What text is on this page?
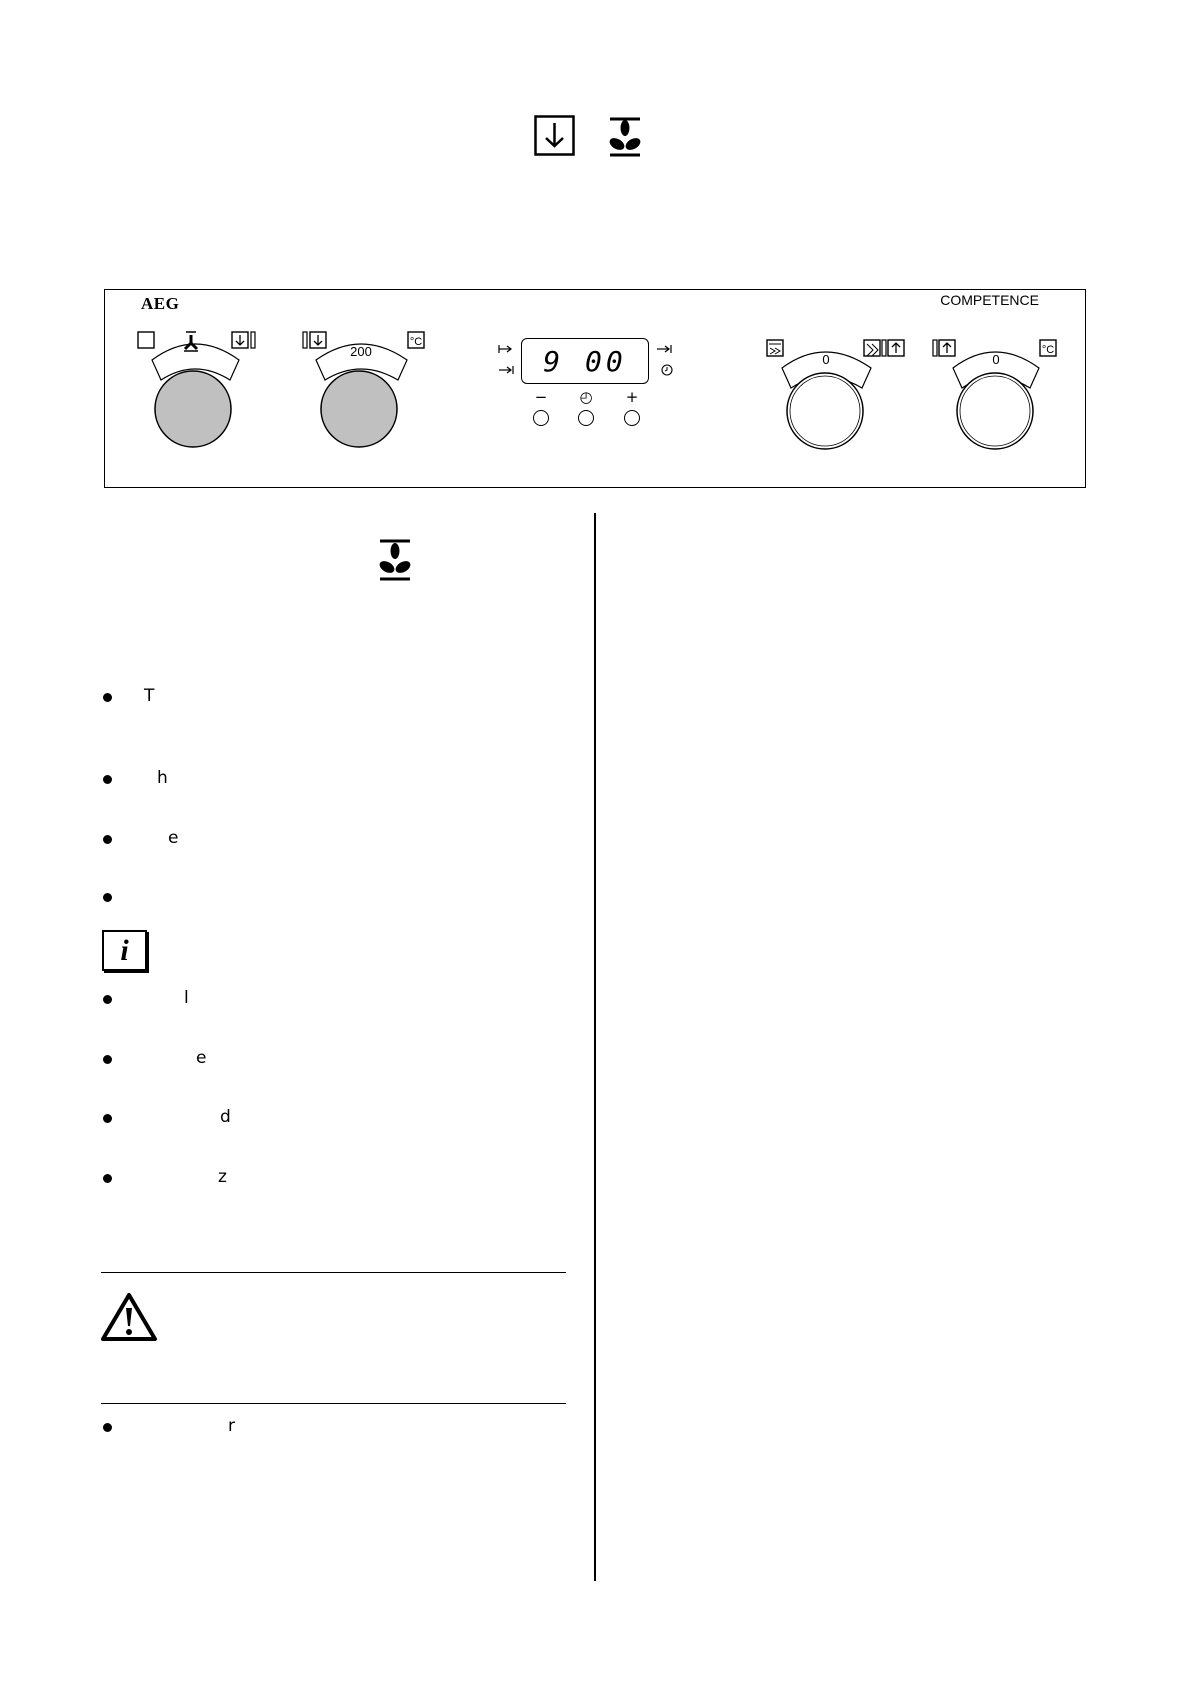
AEG	COMPETENCE
200
°C
9 00
− ◴ +
0	0
°C
T
h
e
i
l
e
d
z
r
